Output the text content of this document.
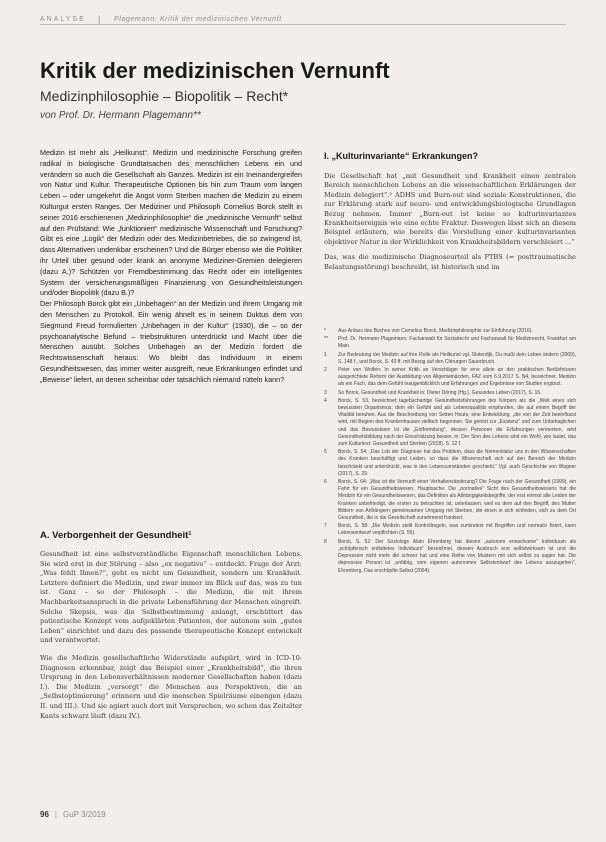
ANALYSE | Plagemann: Kritik der medizinischen Vernunft
Kritik der medizinischen Vernunft
Medizinphilosophie – Biopolitik – Recht*
von Prof. Dr. Hermann Plagemann**

Medizin ist mehr als „Heilkunst“. Medizin und medizinische Forschung greifen radikal in biologische Grundtatsachen des menschlichen Lebens ein und verändern so auch die Gesellschaft als Ganzes. Medizin ist ein Ineinandergreifen von Natur und Kultur. Therapeutische Optionen bis hin zum Traum vom langen Leben – oder umgekehrt die Angst vorm Sterben machen die Medizin zu einem Kulturgut ersten Ranges. Der Mediziner und Philosoph Cornelius Borck stellt in seiner 2016 erschienenen „Medizinphilosophie“ die „medizinische Vernunft“ selbst auf den Prüfstand: Wie „funktioniert“ medizinische Wissenschaft und Forschung? Gibt es eine „Logik“ der Medizin oder des Medizinbetriebes, die so zwingend ist, dass Alternativen undenkbar erscheinen? Und die Bürger ebenso wie die Politiker ihr Urteil über gesund oder krank an anonyme Mediziner-Gremien delegieren (dazu A.)? Schützen vor Fremdbestimmung das Recht oder ein intelligentes System der versicherungsmäßigen Finanzierung von Gesundheitsleistungen und/oder Biopolitik (dazu B.)?

Der Philosoph Borck gibt ein „Unbehagen“ an der Medizin und ihrem Umgang mit den Menschen zu Protokoll. Ein wenig ähnelt es in seinem Duktus dem von Siegmund Freud formulierten „Unbehagen in der Kultur“ (1930), die – so der psychoanalytische Befund – triebstrukturen unterdrückt und Macht über die Menschen ausübt. Solches Unbehagen an der Medizin fordert die Rechtswissenschaft heraus: Wo bleibt das Individuum in einem Gesundheitswesen, das immer weiter ausgreift, neue Erkrankungen erfindet und „Beweise“ liefert, an denen scheinbar oder tatsächlich niemand rütteln kann?

A. Verborgenheit der Gesundheit¹

Gesundheit ist eine selbstverständliche Eigenschaft menschlichen Lebens. Sie wird erst in der Störung – also „ex negativo“ – entdeckt. Frage der Arzt: „Was fehlt Ihnen?“, geht es nicht um Gesundheit, sondern um Krankheit. Letztere definiert die Medizin, und zwar immer im Blick auf das, was zu tun ist. Ganz – so der Philosoph – die Medizin, die mit ihrem Machbarkeitsanspruch in die private Lebensführung der Menschen eingreift. Solche Skepsis, was die Selbstbestimmung anlangt, erschüttert das patientische Konzept vom aufgeklärten Patienten, der autonom sein „gutes Leben“ einrichtet und dazu des passende therapeutische Konzept entwickelt und verantwortet.

Wie die Medizin gesellschaftliche Widerstände aufspürt, wird in ICD-10-Diagnosen erkennbar, zeigt das Beispiel einer „Krankheitsbild“, die ihren Ursprung in den Lebensverhältnissen moderner Gesellschaften haben (dazu I.). Die Medizin „versorgt“ die Menschen aus Perspektiven, die an „Selbstoptimierung“ erinnern und die menschen Spielräume einengen (dazu II. und III.). Und sie agiert auch dort mit Versprechen, wo schon das Zeitalter Kants schwarz läuft (dazu IV.).

I. „Kulturinvariante“ Erkrankungen?

Die Gesellschaft hat „mit Gesundheit und Krankheit einen zentralen Bereich menschlichen Lebens an die wissenschaftlichen Erklärungen der Medizin delegiert“.² ADHS und Burn-out sind soziale Konstruktionen, die zur Erklärung stark auf neuro- und entwicklungsbiologische Grundlagen Bezug nehmen. Immer „Burn-out ist keine so kulturinvariantes Krankheitsereignis wie eine echte Fraktur. Deswegen lässt sich an diesem Beispiel erläutern, wie bereits die Vorstellung einer kulturinvarianten objektiver Natur in der Wirklichkeit von Krankheitsbildern verschleiert ...“

Das, was die medizinische Diagnoseurteil als PTBS (= posttraumatische Belastungsstörung) beschreibt, ist historisch und im

*	Aus Anlass des Buches von Cornelius Borck, Medizinphilosophie zur Einführung (2016).
**	Prof. Dr. Hermann Plagemann, Fachanwalt für Sozialrecht und Fachanwalt für Medizinrecht, Frankfurt am Main.
1	Zur Bedeutung der Medizin auf ihre Rolle als Heilkunst vgl. Sloterdijk, Du mußt dein Leben ändern (2009), S. 148 f., und Borck, S. 43 ff. mit Bezug auf den Chirurgen Sauerbruch.
2	Peter von Wolfen: In seiner Kritik an Verschläger für eine allein an den praktischen Bedürfnissen ausgerichtete Reform der Ausbildung von Allgemeinärzten, FAZ vom 6.9.2017 S. N4, bezeichnet. Medizin als ein Fach, das dem Gefühl inaugenblicklich und Erfahrungen und Ergebnisse von Studien ergänzt.
3	So Borck, Gesundheit und Krankheit in: Dieter Döring (Hg.), Gesundes Leben (2017), S. 16.
4	Borck, S. 53, bezeichnet tagebuchartige Gesundheitsfahrungen des Körpers als die „Welt eines sich bewussten Organismus, dem ein Gefühl und als Lebensqualität empfunden, die auf einem Begriff der Vitalität beruhen. Aus die Beschreibung von Seiten Heuts, eine Entwicklung, „die von der Zeit beeinflusst wird, mit Beginn des Krankenhauses vielfach begonnen. Sie gehört zur „Existenz“ und zum Unbehaglichen und das Bewusstsein ist die „Entfremdung“, dessen Personen die Erfahrungen vermerken, wird Gesundheitsbildung nach der Einschätzung besser, in: Der Sinn des Lebens sind ein Wohl, wie lautet, das zum Kulturtext: Gesundheit und Sterben (2018), S. 12 f.
5	Borck, S. 54: „Das Lob der Diagnose hat das Problem, dass die Nomenklatur uns in den Wissenschaften des Kranken beschäftigt und Leiden, so dass die Wissenschaft sich auf den Bereich der Medizin beschränkt und unterdrückt, was in den Lebensumständen geschieht.“ Vgl. auch Geschichte von Wagner (2017), S. 29.
6	Borck, S. 64: „Was ist die Vernunft einer Verhaltensänderung? Die Frage nach der Gesundheit (1999), ein Fahrt für ein Gesundheitswesen, Hauptsache: Die „normative“ Sicht des Gesundheitswesens hat die Medizin für ein Gesundheitswesen, das Definition als Abhängigkeitsbegriffe, der erst einmal alle Leiden der Kranken unbefriedigt, die ersten zu betrachten ist, unterlassen, weil es dem auf den Begriff, des Mutter Bildern von Anhängern gemeinsamen Umgang mit Sterben, die einen in sich einfinden, sich zu dem Ort Gesundheit, die in die Gesellschaft zunehmend frankiert.
7	Borck, S. 58: „Die Medizin stellt Kontrollregeln, was zumindest mit Begriffen und normativ fixiert, kann Lebensentwurf verpflichten (S. 55).
8	Borck, S. 52: Der Soziologe Alain Ehrenberg hat diesen „autonom erwachsene“ Individuum als „schöpferisch entfaltetes Individuum“ bezeichnet, dessen Ausbruch erst selbstwirksam ist und die Depression nicht mehr die schwer hat und eine Reihe von Mustern mit sich selbst zu sagen hat. Die depressive Person ist „unfähig, vom eigenen autonomen Selbstentwurf des Lebens auszugehen“, Ehrenberg, Das erschöpfte Selbst (2004).
96 | GuP 3/2019
